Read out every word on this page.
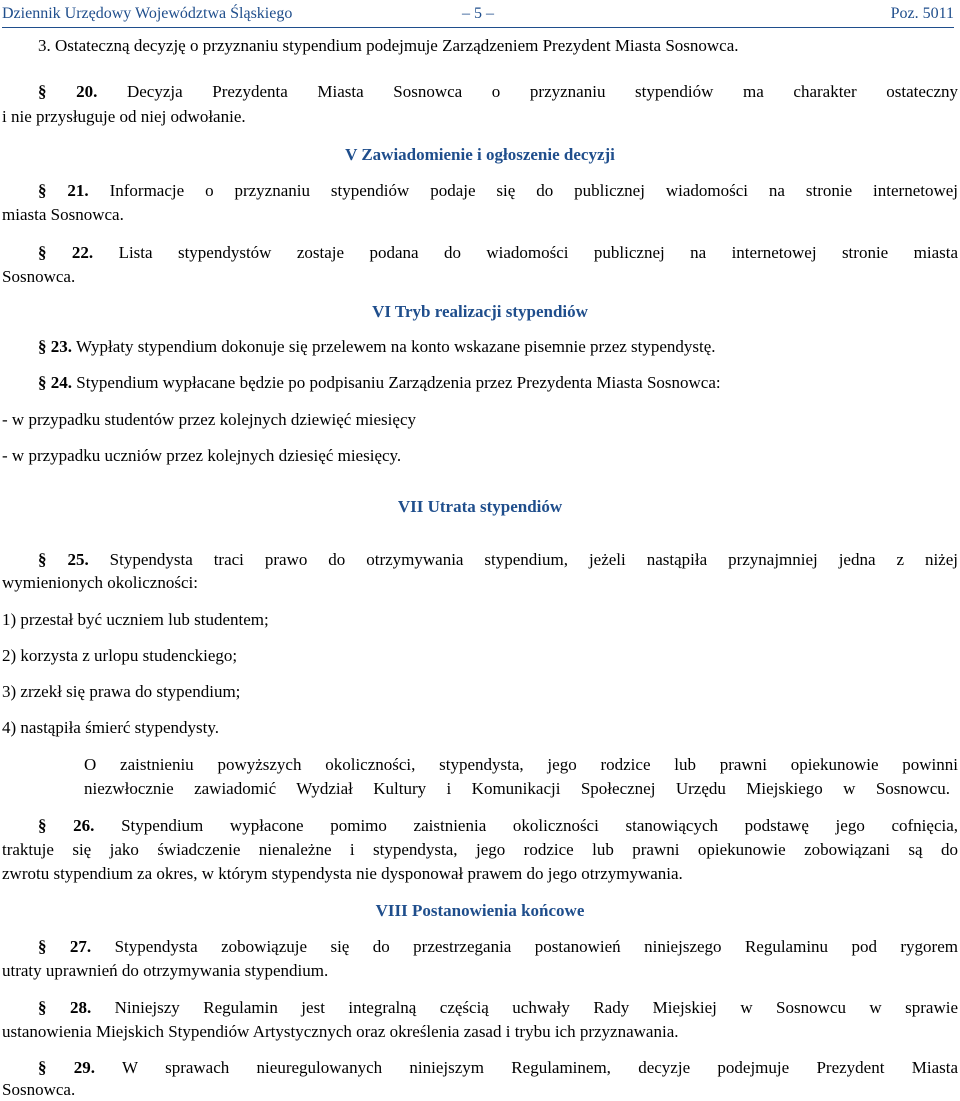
Dziennik Urzędowy Województwa Śląskiego	– 5 –	Poz. 5011
3. Ostateczną decyzję o przyznaniu stypendium podejmuje Zarządzeniem Prezydent Miasta Sosnowca.
§ 20. Decyzja Prezydenta Miasta Sosnowca o przyznaniu stypendiów ma charakter ostateczny
i nie przysługuje od niej odwołanie.
V Zawiadomienie i ogłoszenie decyzji
§ 21. Informacje o przyznaniu stypendiów podaje się do publicznej wiadomości na stronie internetowej
miasta Sosnowca.
§ 22. Lista stypendystów zostaje podana do wiadomości publicznej na internetowej stronie miasta
Sosnowca.
VI Tryb realizacji stypendiów
§ 23. Wypłaty stypendium dokonuje się przelewem na konto wskazane pisemnie przez stypendystę.
§ 24. Stypendium wypłacane będzie po podpisaniu Zarządzenia przez Prezydenta Miasta Sosnowca:
- w przypadku studentów przez kolejnych dziewięć miesięcy
- w przypadku uczniów przez kolejnych dziesięć miesięcy.
VII Utrata stypendiów
§ 25. Stypendysta traci prawo do otrzymywania stypendium, jeżeli nastąpiła przynajmniej jedna z niżej
wymienionych okoliczności:
1) przestał być uczniem lub studentem;
2) korzysta z urlopu studenckiego;
3) zrzekł się prawa do stypendium;
4) nastąpiła śmierć stypendysty.
O zaistnieniu powyższych okoliczności, stypendysta, jego rodzice lub prawni opiekunowie powinni
niezwłocznie zawiadomić Wydział Kultury i Komunikacji Społecznej Urzędu Miejskiego w Sosnowcu.
§ 26. Stypendium wypłacone pomimo zaistnienia okoliczności stanowiących podstawę jego cofnięcia,
traktuje się jako świadczenie nienależne i stypendysta, jego rodzice lub prawni opiekunowie zobowiązani są do
zwrotu stypendium za okres, w którym stypendysta nie dysponował prawem do jego otrzymywania.
VIII Postanowienia końcowe
§ 27. Stypendysta zobowiązuje się do przestrzegania postanowień niniejszego Regulaminu pod rygorem
utraty uprawnień do otrzymywania stypendium.
§ 28. Niniejszy Regulamin jest integralną częścią uchwały Rady Miejskiej w Sosnowcu w sprawie
ustanowienia Miejskich Stypendiów Artystycznych oraz określenia zasad i trybu ich przyznawania.
§ 29. W sprawach nieuregulowanych niniejszym Regulaminem, decyzje podejmuje Prezydent Miasta
Sosnowca.
